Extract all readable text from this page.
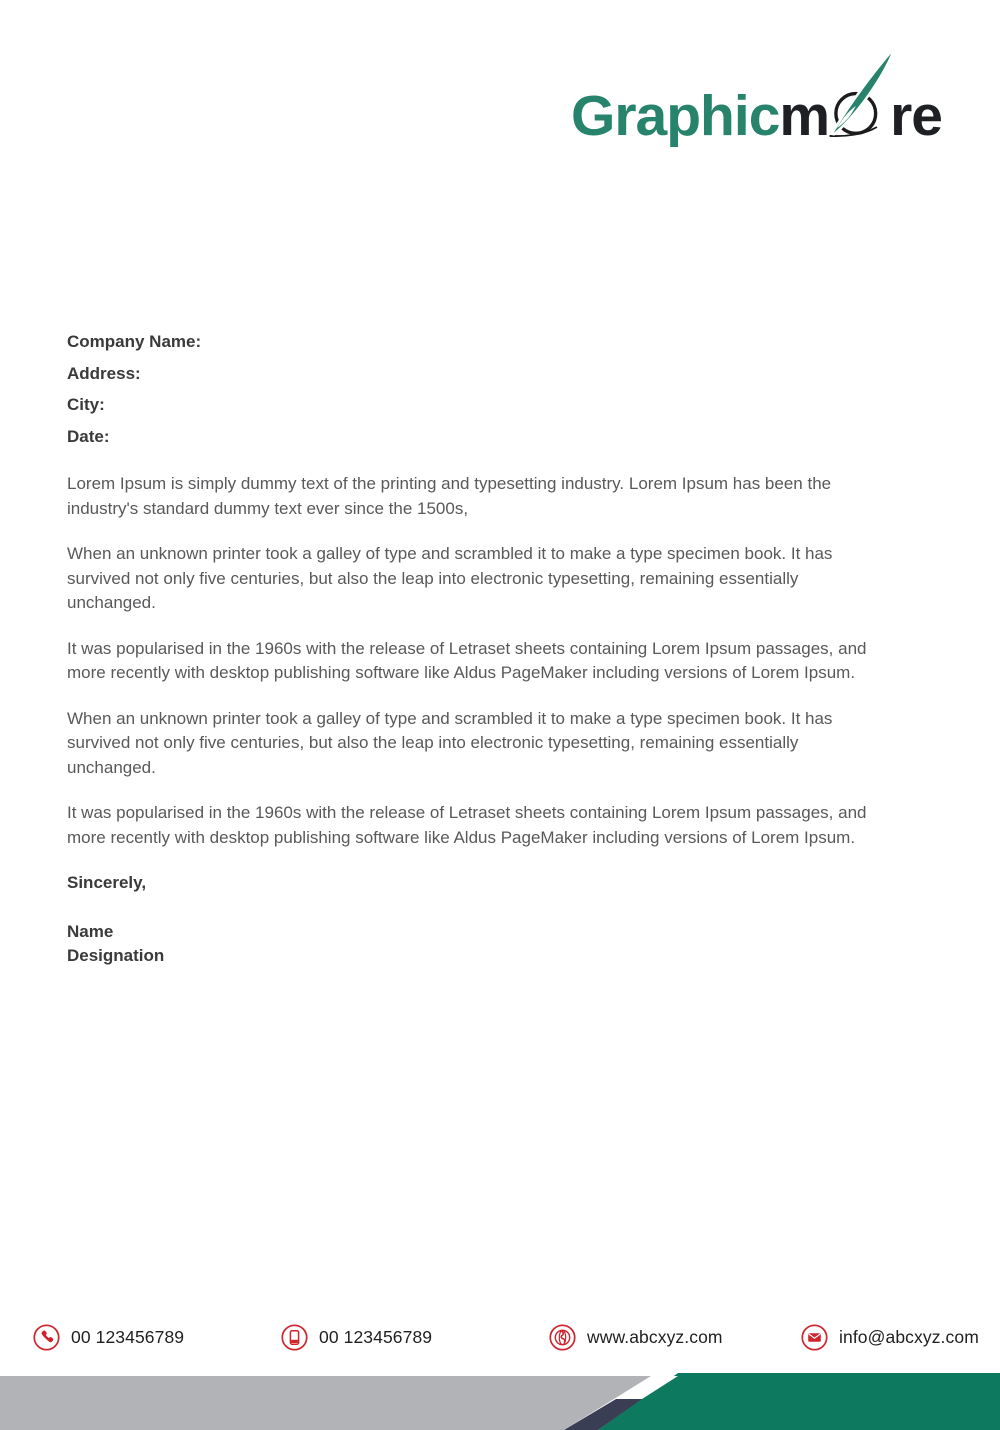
Graphicm re
Company Name:
Address:
City:
Date:

Lorem Ipsum is simply dummy text of the printing and typesetting industry. Lorem Ipsum has been the industry's standard dummy text ever since the 1500s,

When an unknown printer took a galley of type and scrambled it to make a type specimen book. It has survived not only five centuries, but also the leap into electronic typesetting, remaining essentially unchanged.

It was popularised in the 1960s with the release of Letraset sheets containing Lorem Ipsum passages, and more recently with desktop publishing software like Aldus PageMaker including versions of Lorem Ipsum.

When an unknown printer took a galley of type and scrambled it to make a type specimen book. It has survived not only five centuries, but also the leap into electronic typesetting, remaining essentially unchanged.

It was popularised in the 1960s with the release of Letraset sheets containing Lorem Ipsum passages, and more recently with desktop publishing software like Aldus PageMaker including versions of Lorem Ipsum.

Sincerely,
Name
Designation
00 123456789	00 123456789	www.abcxyz.com	info@abcxyz.com
